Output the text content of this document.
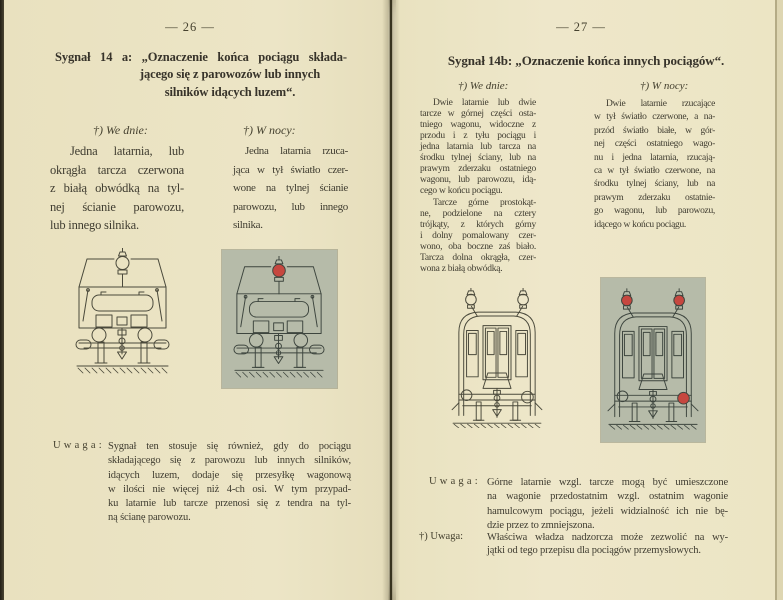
— 26 —
Sygnał 14 a: „Oznaczenie końca pociągu składa-
jącego się z parowozów lub innych
silników idących luzem“.
†) We dnie:	†) W nocy:
Jedna latarnia, lub
okrągła tarcza czerwona
z białą obwódką na tyl-
nej ścianie parowozu,
lub innego silnika.
Jedna latarnia rzuca-
jąca w tył światło czer-
wone na tylnej ścianie
parowozu, lub innego
silnika.
Uwaga: Sygnał ten stosuje się również, gdy do pociągu
składającego się z parowozu lub innych silników,
idących luzem, dodaje się przesyłkę wagonową
w ilości nie więcej niż 4-ch osi. W tym przypad-
ku latarnie lub tarcze przenosi się z tendra na tyl-
ną ścianę parowozu.
— 27 —
Sygnał 14b: „Oznaczenie końca innych pociągów“.
†) We dnie:	†) W nocy:
Dwie latarnie lub dwie
tarcze w górnej części osta-
tniego wagonu, widoczne z
przodu i z tyłu pociągu i
jedna latarnia lub tarcza na
środku tylnej ściany, lub na
prawym zderzaku ostatniego
wagonu, lub parowozu, idą-
cego w końcu pociągu.
Tarcze górne prostokąt-
ne, podzielone na cztery
trójkąty, z których górny
i dolny pomalowany czer-
wono, oba boczne zaś biało.
Tarcza dolna okrągła, czer-
wona z białą obwódką.
Dwie latarnie rzucające
w tył światło czerwone, a na-
przód światło białe, w gór-
nej części ostatniego wago-
nu i jedna latarnia, rzucają-
ca w tył światło czerwone, na
środku tylnej ściany, lub na
prawym zderzaku ostatnie-
go wagonu, lub parowozu,
idącego w końcu pociągu.
Uwaga: Górne latarnie wzgl. tarcze mogą być umieszczone
na wagonie przedostatnim wzgl. ostatnim wagonie
hamulcowym pociągu, jeżeli widzialność ich nie bę-
dzie przez to zmniejszona.
†) Uwaga: Właściwa władza nadzorcza może zezwolić na wy-
jątki od tego przepisu dla pociągów przemysłowych.
